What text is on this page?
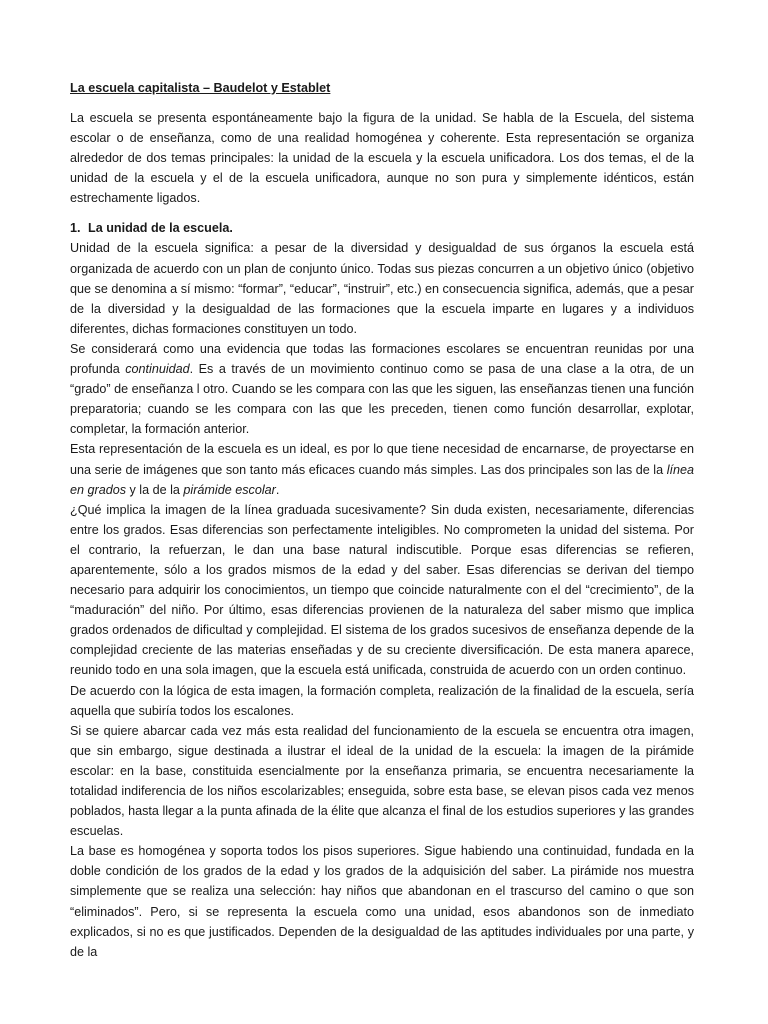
La escuela capitalista – Baudelot y Establet

La escuela se presenta espontáneamente bajo la figura de la unidad. Se habla de la Escuela, del sistema escolar o de enseñanza, como de una realidad homogénea y coherente. Esta representación se organiza alrededor de dos temas principales: la unidad de la escuela y la escuela unificadora. Los dos temas, el de la unidad de la escuela y el de la escuela unificadora, aunque no son pura y simplemente idénticos, están estrechamente ligados.

1. La unidad de la escuela.

Unidad de la escuela significa: a pesar de la diversidad y desigualdad de sus órganos la escuela está organizada de acuerdo con un plan de conjunto único. Todas sus piezas concurren a un objetivo único (objetivo que se denomina a sí mismo: “formar”, “educar”, “instruir”, etc.) en consecuencia significa, además, que a pesar de la diversidad y la desigualdad de las formaciones que la escuela imparte en lugares y a individuos diferentes, dichas formaciones constituyen un todo.

Se considerará como una evidencia que todas las formaciones escolares se encuentran reunidas por una profunda continuidad. Es a través de un movimiento continuo como se pasa de una clase a la otra, de un “grado” de enseñanza l otro. Cuando se les compara con las que les siguen, las enseñanzas tienen una función preparatoria; cuando se les compara con las que les preceden, tienen como función desarrollar, explotar, completar, la formación anterior.

Esta representación de la escuela es un ideal, es por lo que tiene necesidad de encarnarse, de proyectarse en una serie de imágenes que son tanto más eficaces cuando más simples. Las dos principales son las de la línea en grados y la de la pirámide escolar.

¿Qué implica la imagen de la línea graduada sucesivamente? Sin duda existen, necesariamente, diferencias entre los grados. Esas diferencias son perfectamente inteligibles. No comprometen la unidad del sistema. Por el contrario, la refuerzan, le dan una base natural indiscutible. Porque esas diferencias se refieren, aparentemente, sólo a los grados mismos de la edad y del saber. Esas diferencias se derivan del tiempo necesario para adquirir los conocimientos, un tiempo que coincide naturalmente con el del “crecimiento”, de la “maduración” del niño. Por último, esas diferencias provienen de la naturaleza del saber mismo que implica grados ordenados de dificultad y complejidad. El sistema de los grados sucesivos de enseñanza depende de la complejidad creciente de las materias enseñadas y de su creciente diversificación. De esta manera aparece, reunido todo en una sola imagen, que la escuela está unificada, construida de acuerdo con un orden continuo.

De acuerdo con la lógica de esta imagen, la formación completa, realización de la finalidad de la escuela, sería aquella que subiría todos los escalones.

Si se quiere abarcar cada vez más esta realidad del funcionamiento de la escuela se encuentra otra imagen, que sin embargo, sigue destinada a ilustrar el ideal de la unidad de la escuela: la imagen de la pirámide escolar: en la base, constituida esencialmente por la enseñanza primaria, se encuentra necesariamente la totalidad indiferencia de los niños escolarizables; enseguida, sobre esta base, se elevan pisos cada vez menos poblados, hasta llegar a la punta afinada de la élite que alcanza el final de los estudios superiores y las grandes escuelas.

La base es homogénea y soporta todos los pisos superiores. Sigue habiendo una continuidad, fundada en la doble condición de los grados de la edad y los grados de la adquisición del saber. La pirámide nos muestra simplemente que se realiza una selección: hay niños que abandonan en el trascurso del camino o que son “eliminados”. Pero, si se representa la escuela como una unidad, esos abandonos son de inmediato explicados, si no es que justificados. Dependen de la desigualdad de las aptitudes individuales por una parte, y de la
